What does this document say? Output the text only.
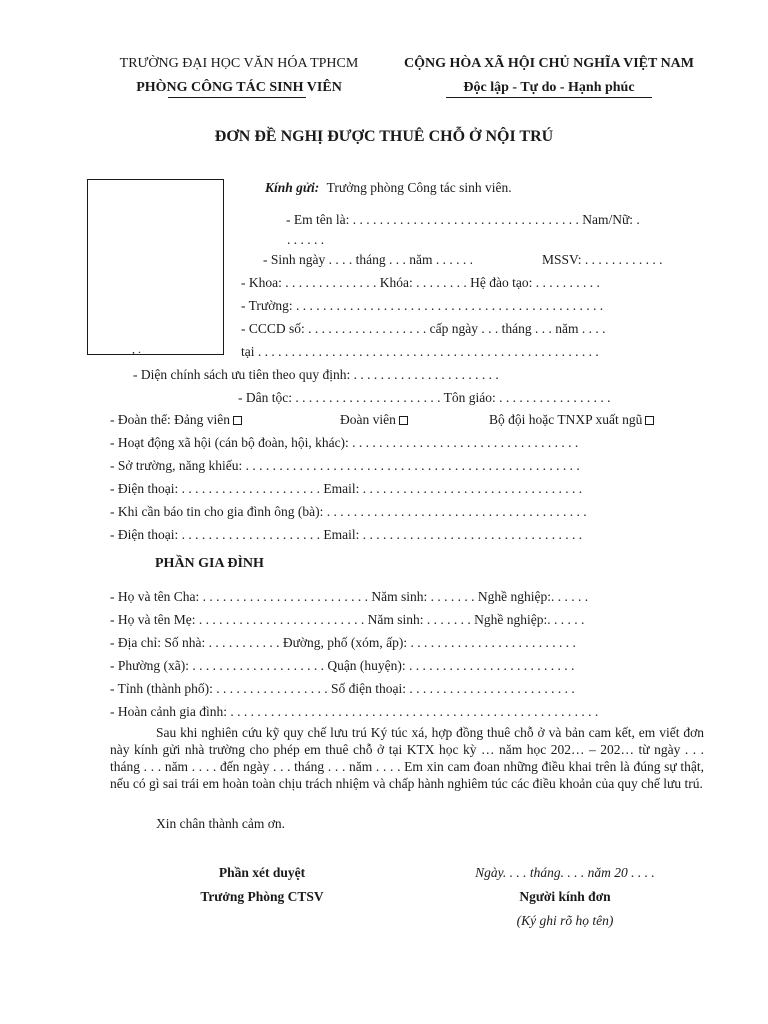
TRƯỜNG ĐẠI HỌC VĂN HÓA TPHCM
PHÒNG CÔNG TÁC SINH VIÊN
CỘNG HÒA XÃ HỘI CHỦ NGHĨA VIỆT NAM
Độc lập - Tự do - Hạnh phúc
ĐƠN ĐỀ NGHỊ ĐƯỢC THUÊ CHỖ Ở NỘI TRÚ
, .
Kính gửi: Trưởng phòng Công tác sinh viên.
- Em tên là: . . . . . . . . . . . . . . . . . . . . . . . . . . . . . . . . . . Nam/Nữ: .
. . . . . .
- Sinh ngày . . . . tháng . . . năm . . . . . .	MSSV: . . . . . . . . . . . .
- Khoa: . . . . . . . . . . . . . . Khóa: . . . . . . . . Hệ đào tạo: . . . . . . . . . .
- Trường: . . . . . . . . . . . . . . . . . . . . . . . . . . . . . . . . . . . . . . . . . . . . . .
- CCCD số: . . . . . . . . . . . . . . . . . . cấp ngày . . . tháng . . . năm . . . .
tại . . . . . . . . . . . . . . . . . . . . . . . . . . . . . . . . . . . . . . . . . . . . . . . . . . .
- Diện chính sách ưu tiên theo quy định: . . . . . . . . . . . . . . . . . . . . . .
- Dân tộc: . . . . . . . . . . . . . . . . . . . . . . Tôn giáo: . . . . . . . . . . . . . . . . .
- Đoàn thể: Đảng viên	Đoàn viên	Bộ đội hoặc TNXP xuất ngũ
- Hoạt động xã hội (cán bộ đoàn, hội, khác): . . . . . . . . . . . . . . . . . . . . . . . . . . . . . . . . . .
- Sở trường, năng khiếu: . . . . . . . . . . . . . . . . . . . . . . . . . . . . . . . . . . . . . . . . . . . . . . . . . .
- Điện thoại: . . . . . . . . . . . . . . . . . . . . . Email: . . . . . . . . . . . . . . . . . . . . . . . . . . . . . . . . .
- Khi cần báo tin cho gia đình ông (bà): . . . . . . . . . . . . . . . . . . . . . . . . . . . . . . . . . . . . . . .
- Điện thoại: . . . . . . . . . . . . . . . . . . . . . Email: . . . . . . . . . . . . . . . . . . . . . . . . . . . . . . . . .
PHẦN GIA ĐÌNH
- Họ và tên Cha: . . . . . . . . . . . . . . . . . . . . . . . . . Năm sinh: . . . . . . . Nghề nghiệp:. . . . . .
- Họ và tên Mẹ: . . . . . . . . . . . . . . . . . . . . . . . . . Năm sinh: . . . . . . . Nghề nghiệp:. . . . . .
- Địa chỉ: Số nhà: . . . . . . . . . . . Đường, phố (xóm, ấp): . . . . . . . . . . . . . . . . . . . . . . . . .
- Phường (xã): . . . . . . . . . . . . . . . . . . . . Quận (huyện): . . . . . . . . . . . . . . . . . . . . . . . . .
- Tỉnh (thành phố): . . . . . . . . . . . . . . . . . Số điện thoại: . . . . . . . . . . . . . . . . . . . . . . . . .
- Hoàn cảnh gia đình: . . . . . . . . . . . . . . . . . . . . . . . . . . . . . . . . . . . . . . . . . . . . . . . . . . . . . . .

Sau khi nghiên cứu kỹ quy chế lưu trú Ký túc xá, hợp đồng thuê chỗ ở và bản cam kết, em viết đơn này kính gửi nhà trường cho phép em thuê chỗ ở tại KTX học kỳ … năm học 202… – 202… từ ngày . . . tháng . . . năm . . . . đến ngày . . . tháng . . . năm . . . . Em xin cam đoan những điều khai trên là đúng sự thật, nếu có gì sai trái em hoàn toàn chịu trách nhiệm và chấp hành nghiêm túc các điều khoản của quy chế lưu trú.

Xin chân thành cảm ơn.
Phần xét duyệt
Trưởng Phòng CTSV
Ngày. . . . tháng. . . . năm 20 . . . .
Người kính đơn
(Ký ghi rõ họ tên)
